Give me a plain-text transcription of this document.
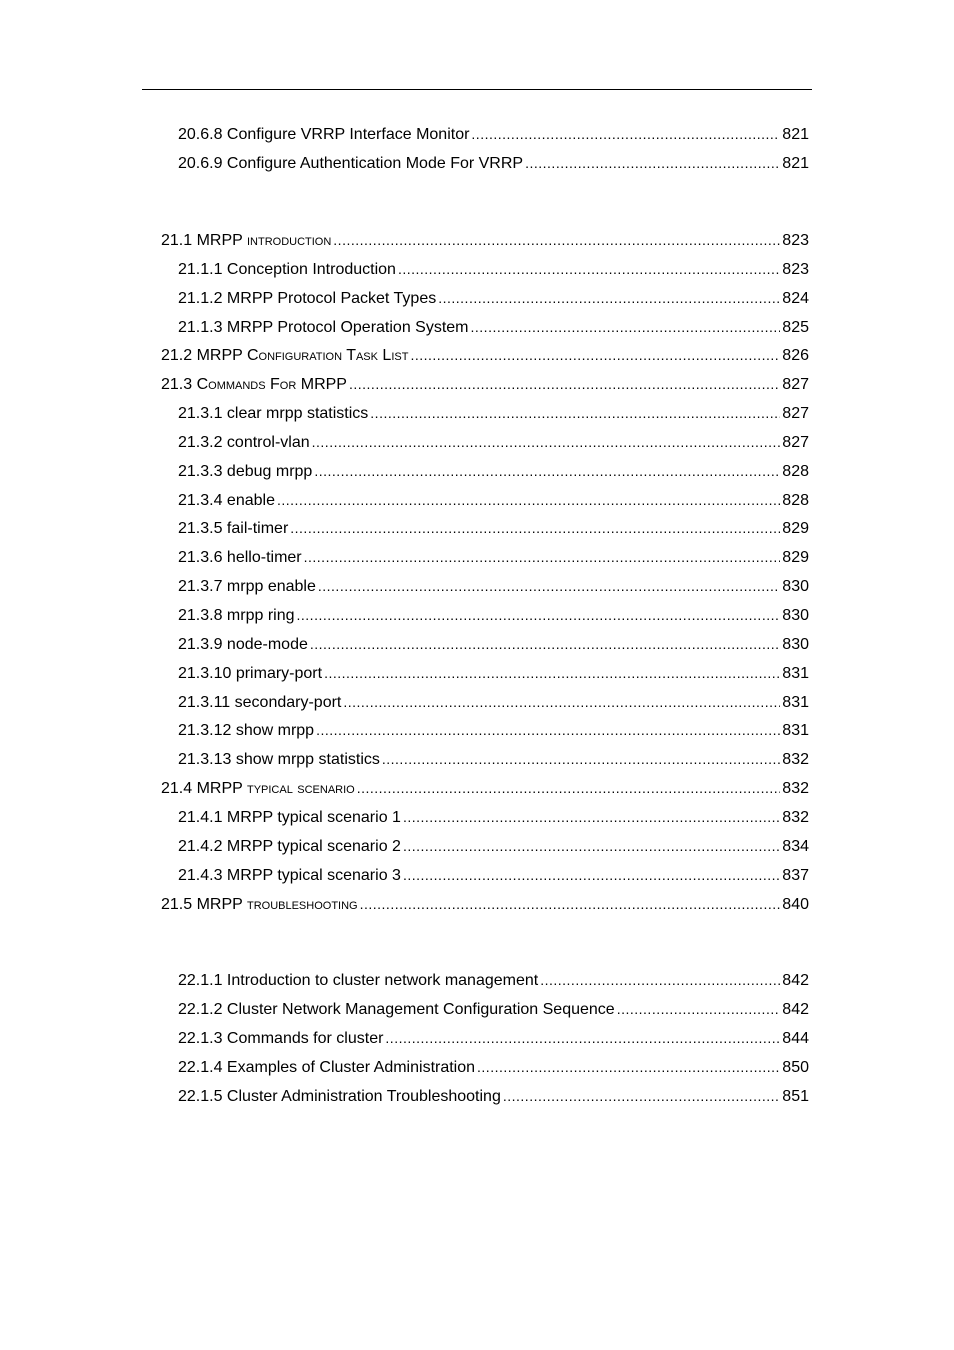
20.6.8 Configure VRRP Interface Monitor .....	821
20.6.9 Configure Authentication Mode For VRRP .....	821
21.1 MRPP introduction .....	823
21.1.1 Conception Introduction .....	823
21.1.2 MRPP Protocol Packet Types .....	824
21.1.3 MRPP Protocol Operation System .....	825
21.2 MRPP Configuration Task List .....	826
21.3 Commands For MRPP .....	827
21.3.1 clear mrpp statistics .....	827
21.3.2 control-vlan .....	827
21.3.3 debug mrpp .....	828
21.3.4 enable .....	828
21.3.5 fail-timer .....	829
21.3.6 hello-timer .....	829
21.3.7 mrpp enable .....	830
21.3.8 mrpp ring .....	830
21.3.9 node-mode .....	830
21.3.10 primary-port .....	831
21.3.11 secondary-port .....	831
21.3.12 show mrpp .....	831
21.3.13 show mrpp statistics .....	832
21.4 MRPP typical scenario .....	832
21.4.1 MRPP typical scenario 1 .....	832
21.4.2 MRPP typical scenario 2 .....	834
21.4.3 MRPP typical scenario 3 .....	837
21.5 MRPP troubleshooting .....	840
22.1.1 Introduction to cluster network management .....	842
22.1.2 Cluster Network Management Configuration Sequence .....	842
22.1.3 Commands for cluster .....	844
22.1.4 Examples of Cluster Administration .....	850
22.1.5 Cluster Administration Troubleshooting .....	851
